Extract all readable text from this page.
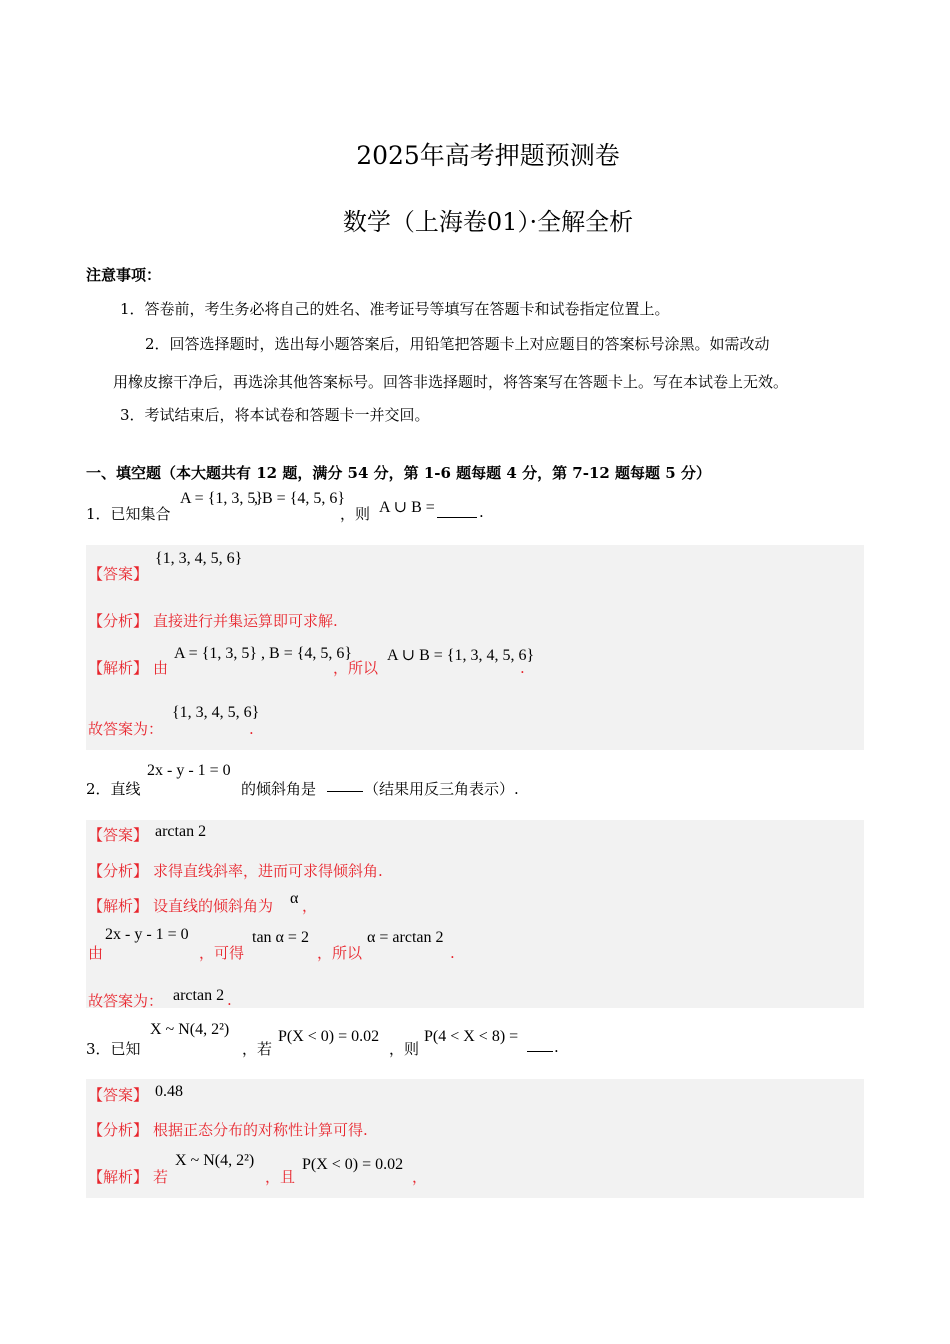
2025年高考押题预测卷
数学（上海卷01）·全解全析
注意事项：
1．答卷前，考生务必将自己的姓名、准考证号等填写在答题卡和试卷指定位置上。
2．回答选择题时，选出每小题答案后，用铅笔把答题卡上对应题目的答案标号涂黑。如需改动
用橡皮擦干净后，再选涂其他答案标号。回答非选择题时，将答案写在答题卡上。写在本试卷上无效。
3．考试结束后，将本试卷和答题卡一并交回。
一、填空题（本大题共有 12 题，满分 54 分，第 1-6 题每题 4 分，第 7-12 题每题 5 分）
1．已知集合
A = {1, 3, 5}
, B = {4, 5, 6}
，则 A ∪ B =	.
【答案】
{1, 3, 4, 5, 6}
【分析】 直接进行并集运算即可求解.
【解析】 由
A = {1, 3, 5} , B = {4, 5, 6}
，所以
A ∪ B = {1, 3, 4, 5, 6}
.
故答案为：
{1, 3, 4, 5, 6}
.
2．直线
2x - y - 1 = 0
的倾斜角是	（结果用反三角表示）.
【答案】 arctan 2
【分析】 求得直线斜率，进而可求得倾斜角.
【解析】 设直线的倾斜角为 α ，
由
2x - y - 1 = 0
，可得
tan α = 2
，所以
α = arctan 2
.
故答案为： arctan 2 .
3．已知
X ~ N(4, 2²)
，若
P(X < 0) = 0.02
，则
P(4 < X < 8) =
.
【答案】 0.48
【分析】 根据正态分布的对称性计算可得.
【解析】 若
X ~ N(4, 2²)
，且
P(X < 0) = 0.02
，
